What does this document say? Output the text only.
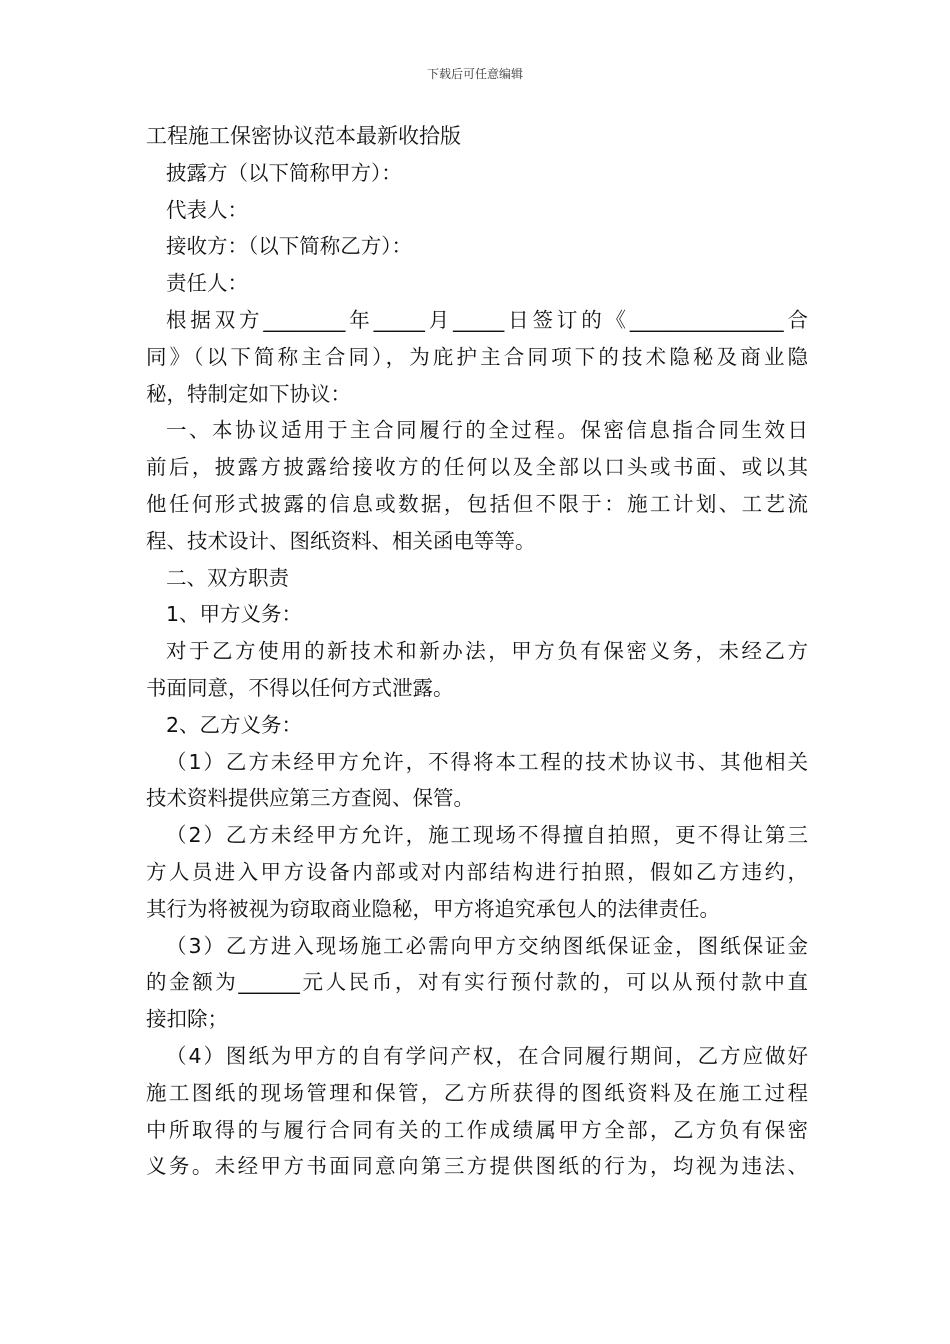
下载后可任意编辑
工程施工保密协议范本最新收拾版
披露方（以下简称甲方）：
代表人：
接收方：（以下简称乙方）：
责任人：
根据双方________年_____月_____日签订的《_______________合
同》（以下简称主合同），为庇护主合同项下的技术隐秘及商业隐
秘，特制定如下协议：
一、本协议适用于主合同履行的全过程。保密信息指合同生效日
前后，披露方披露给接收方的任何以及全部以口头或书面、或以其
他任何形式披露的信息或数据，包括但不限于：施工计划、工艺流
程、技术设计、图纸资料、相关函电等等。
二、双方职责
1、甲方义务：
对于乙方使用的新技术和新办法，甲方负有保密义务，未经乙方
书面同意，不得以任何方式泄露。
2、乙方义务：
（1）乙方未经甲方允许，不得将本工程的技术协议书、其他相关
技术资料提供应第三方查阅、保管。
（2）乙方未经甲方允许，施工现场不得擅自拍照，更不得让第三
方人员进入甲方设备内部或对内部结构进行拍照，假如乙方违约，
其行为将被视为窃取商业隐秘，甲方将追究承包人的法律责任。
（3）乙方进入现场施工必需向甲方交纳图纸保证金，图纸保证金
的金额为______元人民币，对有实行预付款的，可以从预付款中直
接扣除；
（4）图纸为甲方的自有学问产权，在合同履行期间，乙方应做好
施工图纸的现场管理和保管，乙方所获得的图纸资料及在施工过程
中所取得的与履行合同有关的工作成绩属甲方全部，乙方负有保密
义务。未经甲方书面同意向第三方提供图纸的行为，均视为违法、
